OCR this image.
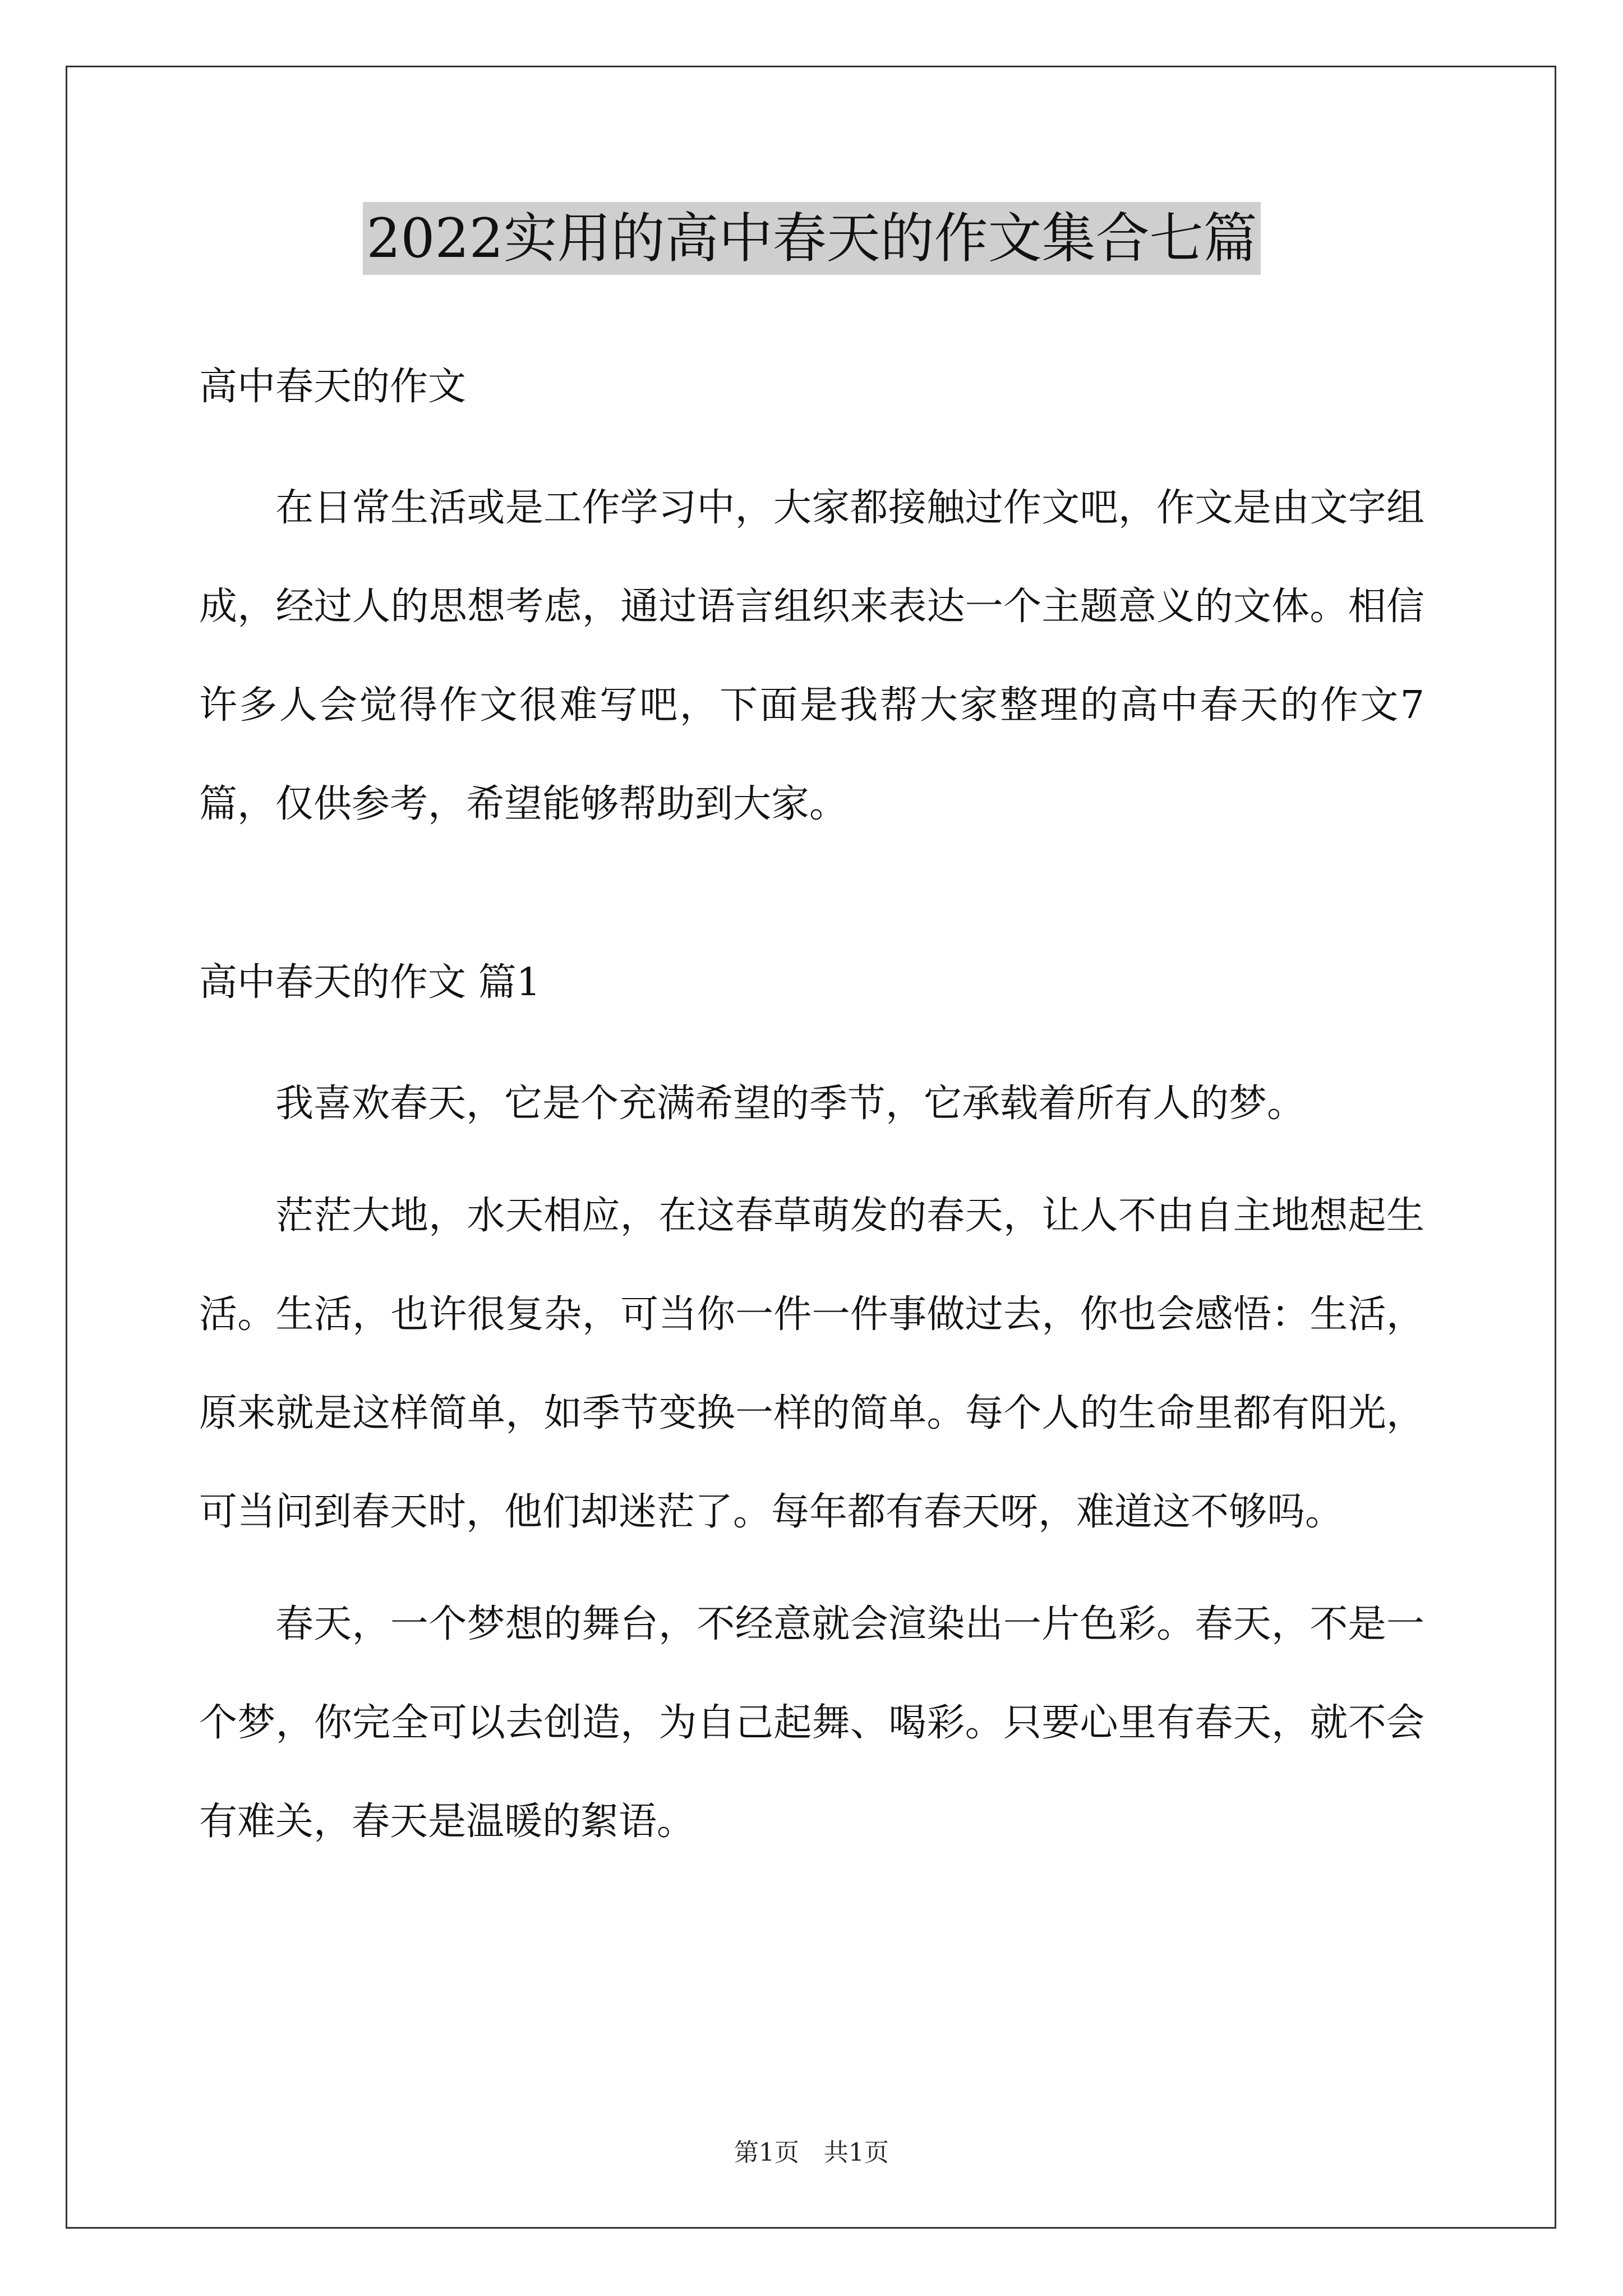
2022实用的高中春天的作文集合七篇
高中春天的作文

在日常生活或是工作学习中，大家都接触过作文吧，作文是由文字组成，经过人的思想考虑，通过语言组织来表达一个主题意义的文体。相信许多人会觉得作文很难写吧，下面是我帮大家整理的高中春天的作文7篇，仅供参考，希望能够帮助到大家。

高中春天的作文 篇1

我喜欢春天，它是个充满希望的季节，它承载着所有人的梦。

茫茫大地，水天相应，在这春草萌发的春天，让人不由自主地想起生活。生活，也许很复杂，可当你一件一件事做过去，你也会感悟：生活，原来就是这样简单，如季节变换一样的简单。每个人的生命里都有阳光，可当问到春天时，他们却迷茫了。每年都有春天呀，难道这不够吗。

春天，一个梦想的舞台，不经意就会渲染出一片色彩。春天，不是一个梦，你完全可以去创造，为自己起舞、喝彩。只要心里有春天，就不会有难关，春天是温暖的絮语。

第1页　共1页
